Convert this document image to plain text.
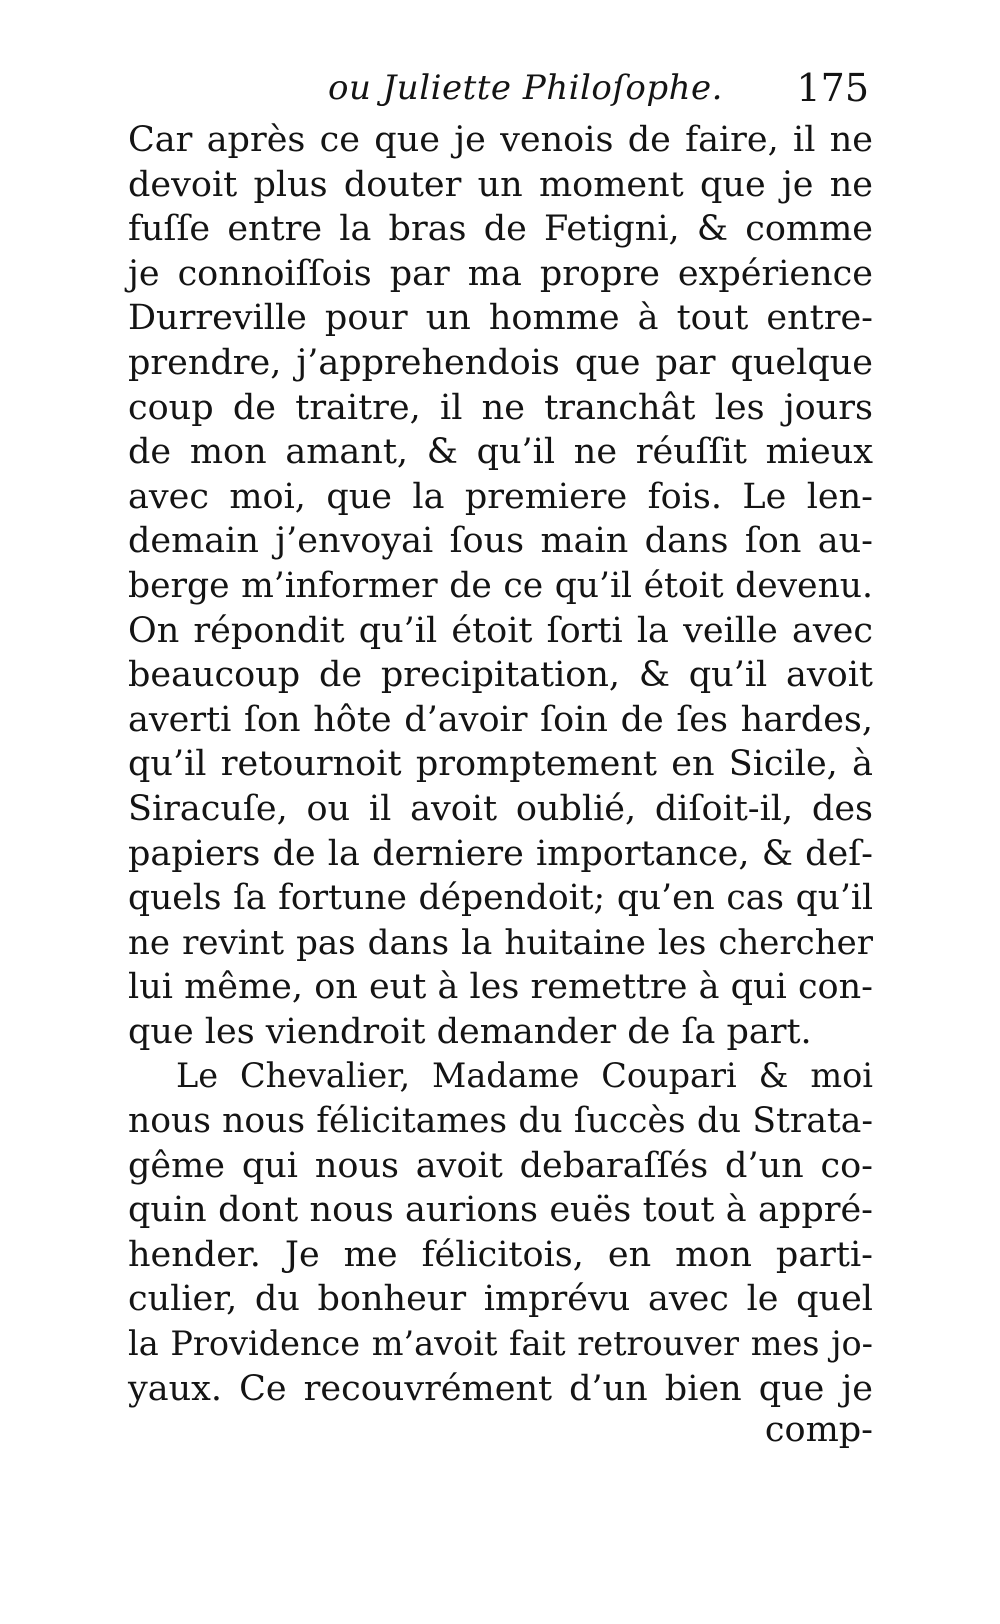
ou Juliette Philoſophe. 175
Car après ce que je venois de faire, il ne
devoit plus douter un moment que je ne
fuſſe entre la bras de Fetigni, & comme
je connoiſſois par ma propre expérience
Durreville pour un homme à tout entre-
prendre, j’apprehendois que par quelque
coup de traitre, il ne tranchât les jours
de mon amant, & qu’il ne réuſſit mieux
avec moi, que la premiere fois. Le len-
demain j’envoyai ſous main dans ſon au-
berge m’informer de ce qu’il étoit devenu.
On répondit qu’il étoit ſorti la veille avec
beaucoup de precipitation, & qu’il avoit
averti ſon hôte d’avoir ſoin de ſes hardes,
qu’il retournoit promptement en Sicile, à
Siracuſe, ou il avoit oublié, diſoit-il, des
papiers de la derniere importance, & deſ-
quels ſa fortune dépendoit; qu’en cas qu’il
ne revint pas dans la huitaine les chercher
lui même, on eut à les remettre à qui con-
que les viendroit demander de ſa part.
Le Chevalier, Madame Coupari & moi
nous nous félicitames du ſuccès du Strata-
gême qui nous avoit debaraſſés d’un co-
quin dont nous aurions euës tout à appré-
hender. Je me félicitois, en mon parti-
culier, du bonheur imprévu avec le quel
la Providence m’avoit fait retrouver mes jo-
yaux. Ce recouvrément d’un bien que je
comp-
